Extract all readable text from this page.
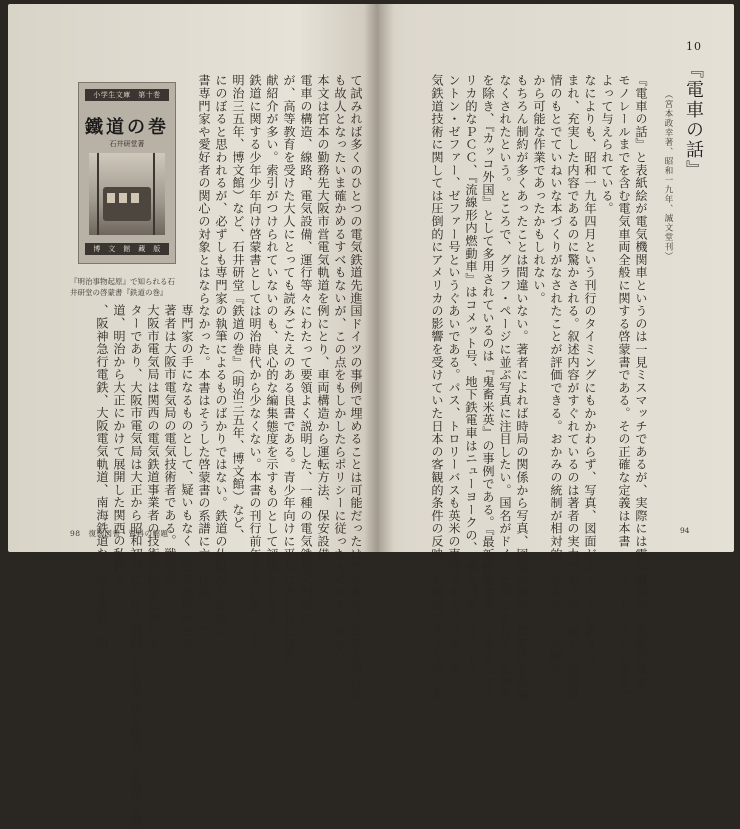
て試みれば多くのひとつの電気鉄道先進国ドイツの事例で埋めることは可能だったはずである。著者も発行者
も故人となったいま確かめるすべもないが、この点をもしかしたらポリシーに従ったものかもしれない。
本文は宮本の勤務先大阪市営電気軌道を例にとり、車両構造から運転方法、保安設備、
電車の構造、線路、電気設備、運行等々にわたって要領よく説明した、一種の電気鉄道入門書の
が、高等教育を受けた大人にとっても読みごたえのある良書である。青少年向けに平易に書かれた良書
献紹介が多い。索引がつけられていないのも、良心的な編集態度を示すものとして評価されてよい。
鉄道に関する少年少年向け啓蒙書としては明治時代から少なくない。本書の刊行前年までに限っても、
明治三五年、博文館）など、石井研堂『鉄道の巻』（明治三五年、博文館）など、
にのぼると思われるが、必ずしも専門家の執筆によるものばかりではない。鉄道の仕組みを正確に
書専門家や愛好者の関心の対象とはならなかった。本書はそうした啓蒙書の系譜に立つ作品として、
専門家の手になるものとして、疑いもなく一読の価値がある。
著者は大阪市電気局の電気技術者である。戦前の
大阪市電気局は関西の電気鉄道事業者の技術的情報交換のセン
ターであり、大阪市電気局は大正から昭和初期にかけて展開した阪神電気鉄道、京阪電気鉄
道、明治から大正にかけて展開した関西の私鉄など
、阪神急行電鉄、大阪電気軌道、南海鉄道などの企業群、昭
小学生文庫　第十巻
鐵道の巻
石井研堂著
博　文　館　藏　版
『明治事物起原』で知られる石井研堂の啓蒙書『鉄道の巻』
98　復刻図書・資料の解題
10
『電車の話』
（宮本政幸著、昭和一九年、誠文堂刊）
『電車の話』と表紙絵が電気機関車というのは一見ミスマッチであるが、実際には電気機関車、無軌条電車、
モノレールまでを含む電気車両全般に関する啓蒙書である。その正確な定義は本書一六〜一七ページに著者に
よって与えられている。
なによりも、昭和一九年四月という刊行のタイミングにもかかわらず、写真、図面がふんだんに盛り込
まれ、充実した内容であるのに驚かされる。叙述内容がすぐれているのは著者の実力であるが、厳しい出版事
情のもとでていねいな本づくりがなされたことが評価できる。おかみの統制が相対的にゆるかった大阪だった
から可能な作業であったかもしれない。
もちろん制約が多くあったことは間違いない。著者によれば時局の関係から写真、図面の削除、簡略化を余儀
なくされたという。ところで、グラフ・ページに並ぶ写真に注目したい。国名がドイツと明示されている例外
を除き、『カッコ外国』として多用されているのは『鬼畜米英』の事例である。『最新路面電車』はまさにアメ
リカ的なＰＣＣ、『流線形内燃動車』はコメット号、地下鉄電車はニューヨークの、『弾丸列車』はバーリ
ントン・ゼファー、ゼファー号というぐあいである。パス、トロリーバスも英米の事例である。日本の電
気鉄道技術に関しては圧倒的にアメリカの影響を受けていた日本の客観的条件の反映とも解釈できようが、あ	94
